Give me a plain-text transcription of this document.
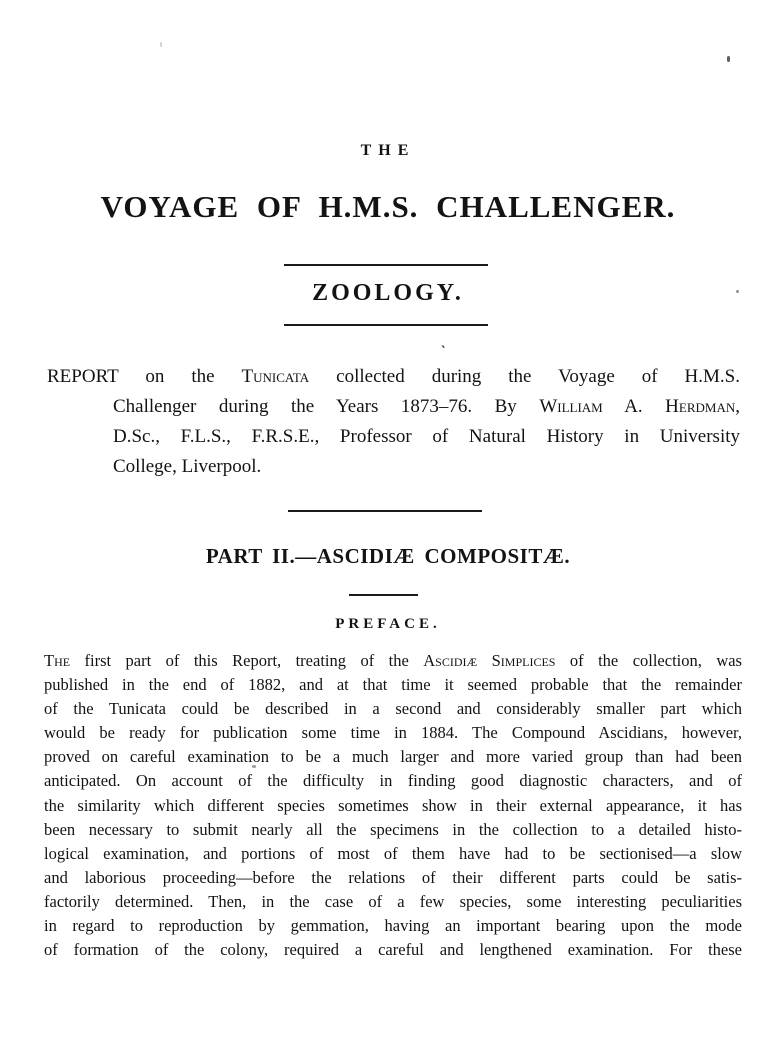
THE
VOYAGE OF H.M.S. CHALLENGER.
ZOOLOGY.
REPORT on the Tunicata collected during the Voyage of H.M.S.
Challenger during the Years 1873–76. By William A. Herdman,
D.Sc., F.L.S., F.R.S.E., Professor of Natural History in University
College, Liverpool.
PART II.—ASCIDIÆ COMPOSITÆ.
PREFACE.
The first part of this Report, treating of the Ascidiæ Simplices of the collection, was
published in the end of 1882, and at that time it seemed probable that the remainder
of the Tunicata could be described in a second and considerably smaller part which
would be ready for publication some time in 1884. The Compound Ascidians, however,
proved on careful examination to be a much larger and more varied group than had been
anticipated. On account of the difficulty in finding good diagnostic characters, and of
the similarity which different species sometimes show in their external appearance, it has
been necessary to submit nearly all the specimens in the collection to a detailed histo-
logical examination, and portions of most of them have had to be sectionised—a slow
and laborious proceeding—before the relations of their different parts could be satis-
factorily determined. Then, in the case of a few species, some interesting peculiarities
in regard to reproduction by gemmation, having an important bearing upon the mode
of formation of the colony, required a careful and lengthened examination. For these
`
